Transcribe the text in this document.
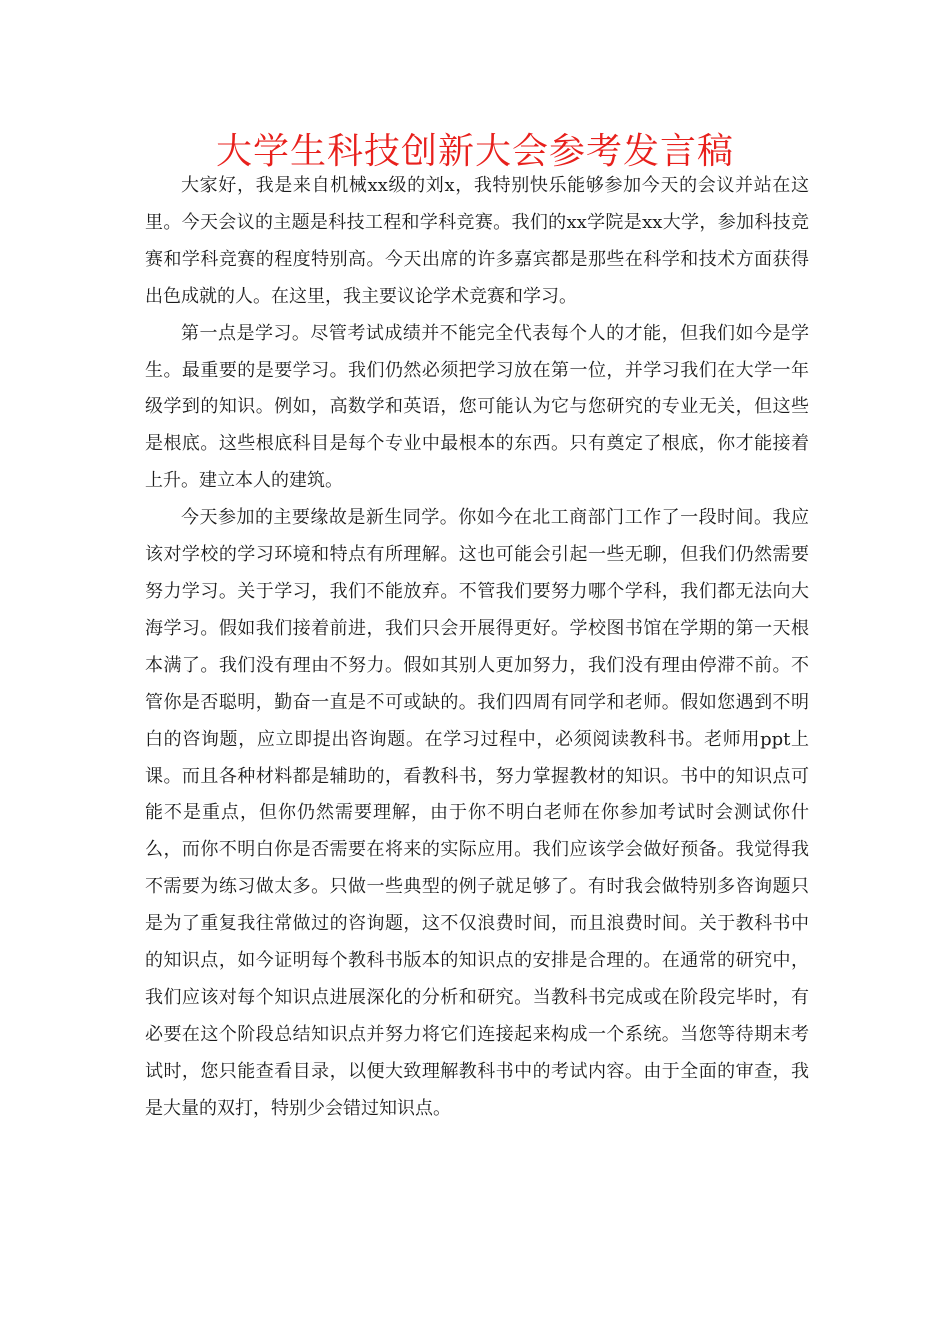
大学生科技创新大会参考发言稿

大家好，我是来自机械xx级的刘x，我特别快乐能够参加今天的会议并站在这里。今天会议的主题是科技工程和学科竞赛。我们的xx学院是xx大学，参加科技竞赛和学科竞赛的程度特别高。今天出席的许多嘉宾都是那些在科学和技术方面获得出色成就的人。在这里，我主要议论学术竞赛和学习。

第一点是学习。尽管考试成绩并不能完全代表每个人的才能，但我们如今是学生。最重要的是要学习。我们仍然必须把学习放在第一位，并学习我们在大学一年级学到的知识。例如，高数学和英语，您可能认为它与您研究的专业无关，但这些是根底。这些根底科目是每个专业中最根本的东西。只有奠定了根底，你才能接着上升。建立本人的建筑。

今天参加的主要缘故是新生同学。你如今在北工商部门工作了一段时间。我应该对学校的学习环境和特点有所理解。这也可能会引起一些无聊，但我们仍然需要努力学习。关于学习，我们不能放弃。不管我们要努力哪个学科，我们都无法向大海学习。假如我们接着前进，我们只会开展得更好。学校图书馆在学期的第一天根本满了。我们没有理由不努力。假如其别人更加努力，我们没有理由停滞不前。不管你是否聪明，勤奋一直是不可或缺的。我们四周有同学和老师。假如您遇到不明白的咨询题，应立即提出咨询题。在学习过程中，必须阅读教科书。老师用ppt上课。而且各种材料都是辅助的，看教科书，努力掌握教材的知识。书中的知识点可能不是重点，但你仍然需要理解，由于你不明白老师在你参加考试时会测试你什么，而你不明白你是否需要在将来的实际应用。我们应该学会做好预备。我觉得我不需要为练习做太多。只做一些典型的例子就足够了。有时我会做特别多咨询题只是为了重复我往常做过的咨询题，这不仅浪费时间，而且浪费时间。关于教科书中的知识点，如今证明每个教科书版本的知识点的安排是合理的。在通常的研究中，我们应该对每个知识点进展深化的分析和研究。当教科书完成或在阶段完毕时，有必要在这个阶段总结知识点并努力将它们连接起来构成一个系统。当您等待期末考试时，您只能查看目录，以便大致理解教科书中的考试内容。由于全面的审查，我是大量的双打，特别少会错过知识点。
